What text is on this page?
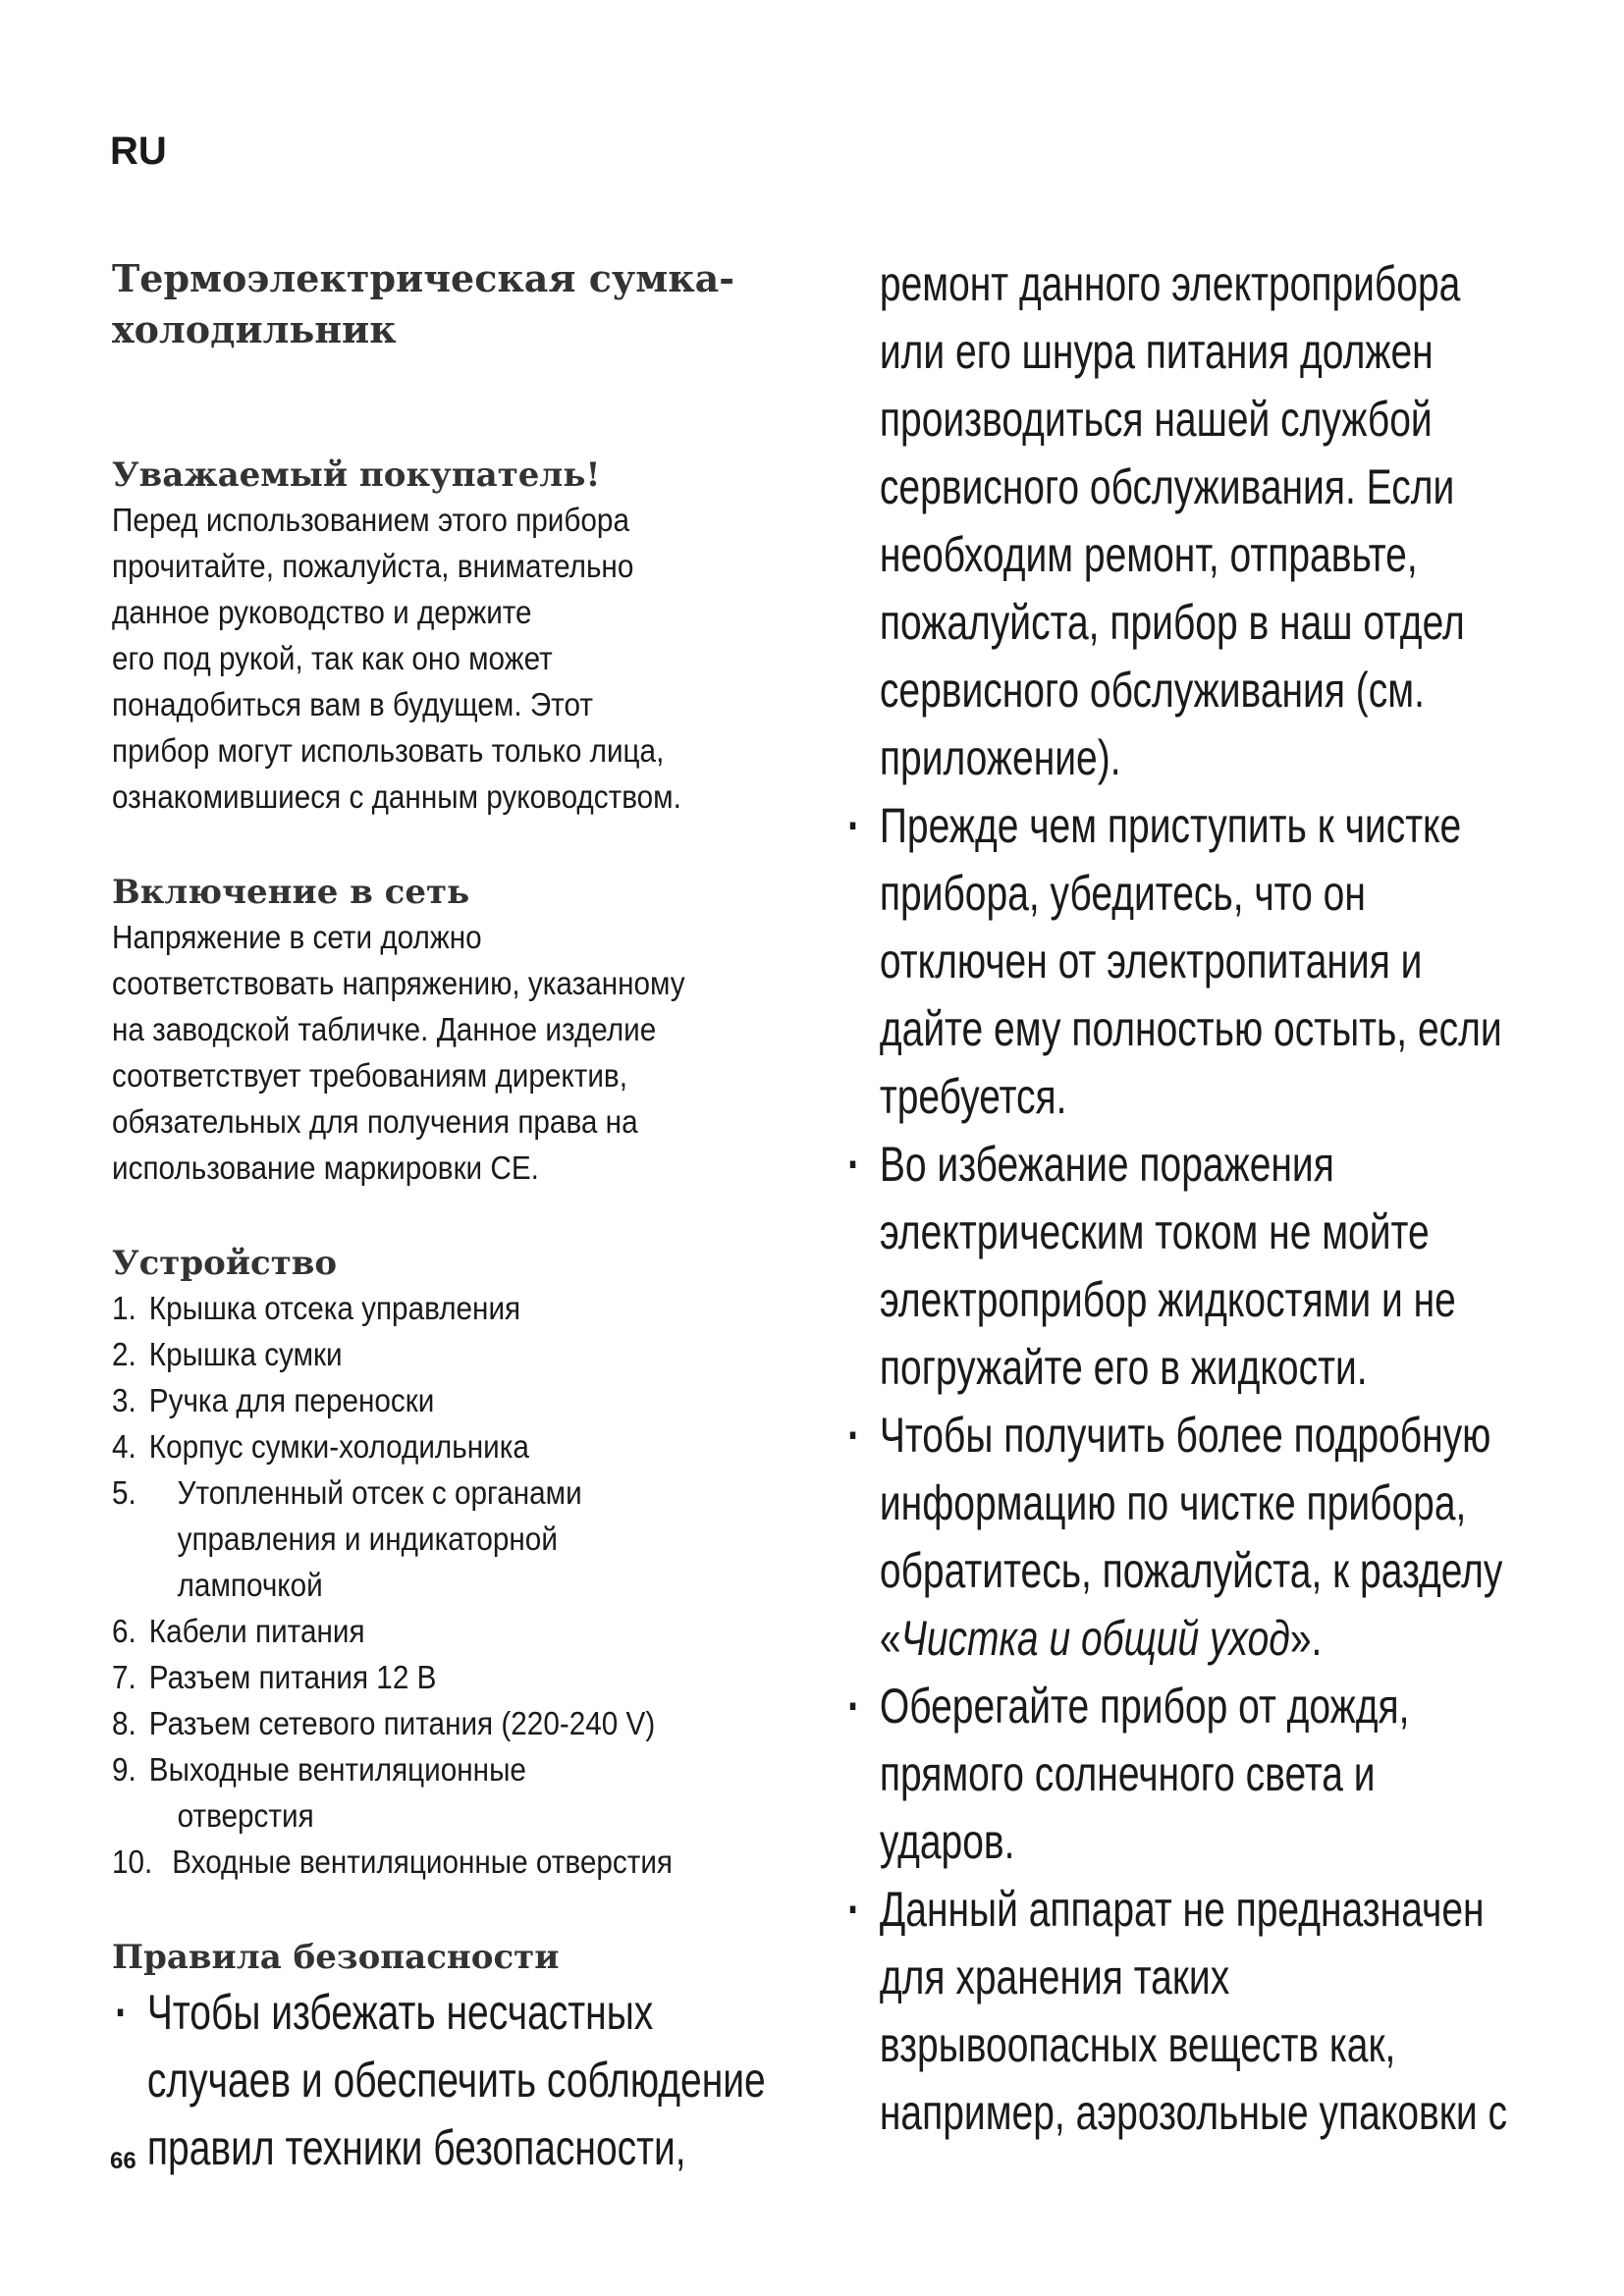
RU
Термоэлектрическая сумка-
холодильник
Уважаемый покупатель!

Перед использованием этого прибора
прочитайте, пожалуйста, внимательно
данное руководство и держите
его под рукой, так как оно может
понадобиться вам в будущем. Этот
прибор могут использовать только лица,
ознакомившиеся с данным руководством.

Включение в сеть

Напряжение в сети должно
соответствовать напряжению, указанному
на заводской табличке. Данное изделие
соответствует требованиям директив,
обязательных для получения права на
использование маркировки CE.

Устройство
1. Крышка отсека управления
2. Крышка сумки
3. Ручка для переноски
4. Корпус сумки-холодильника
5. Утопленный отсек с органами
управления и индикаторной
лампочкой
6. Кабели питания
7. Разъем питания 12 В
8. Разъем сетевого питания (220-240 V)
9. Выходные вентиляционные
отверстия
10. Входные вентиляционные отверстия
Правила безопасности
· Чтобы избежать несчастных
случаев и обеспечить соблюдение
правил техники безопасности,
ремонт данного электроприбора
или его шнура питания должен
производиться нашей службой
сервисного обслуживания. Если
необходим ремонт, отправьте,
пожалуйста, прибор в наш отдел
сервисного обслуживания (см.
приложение).
· Прежде чем приступить к чистке
прибора, убедитесь, что он
отключен от электропитания и
дайте ему полностью остыть, если
требуется.
· Во избежание поражения
электрическим током не мойте
электроприбор жидкостями и не
погружайте его в жидкости.
· Чтобы получить более подробную
информацию по чистке прибора,
обратитесь, пожалуйста, к разделу
«Чистка и общий уход».
· Оберегайте прибор от дождя,
прямого солнечного света и
ударов.
· Данный аппарат не предназначен
для хранения таких
взрывоопасных веществ как,
например, аэрозольные упаковки с
66
